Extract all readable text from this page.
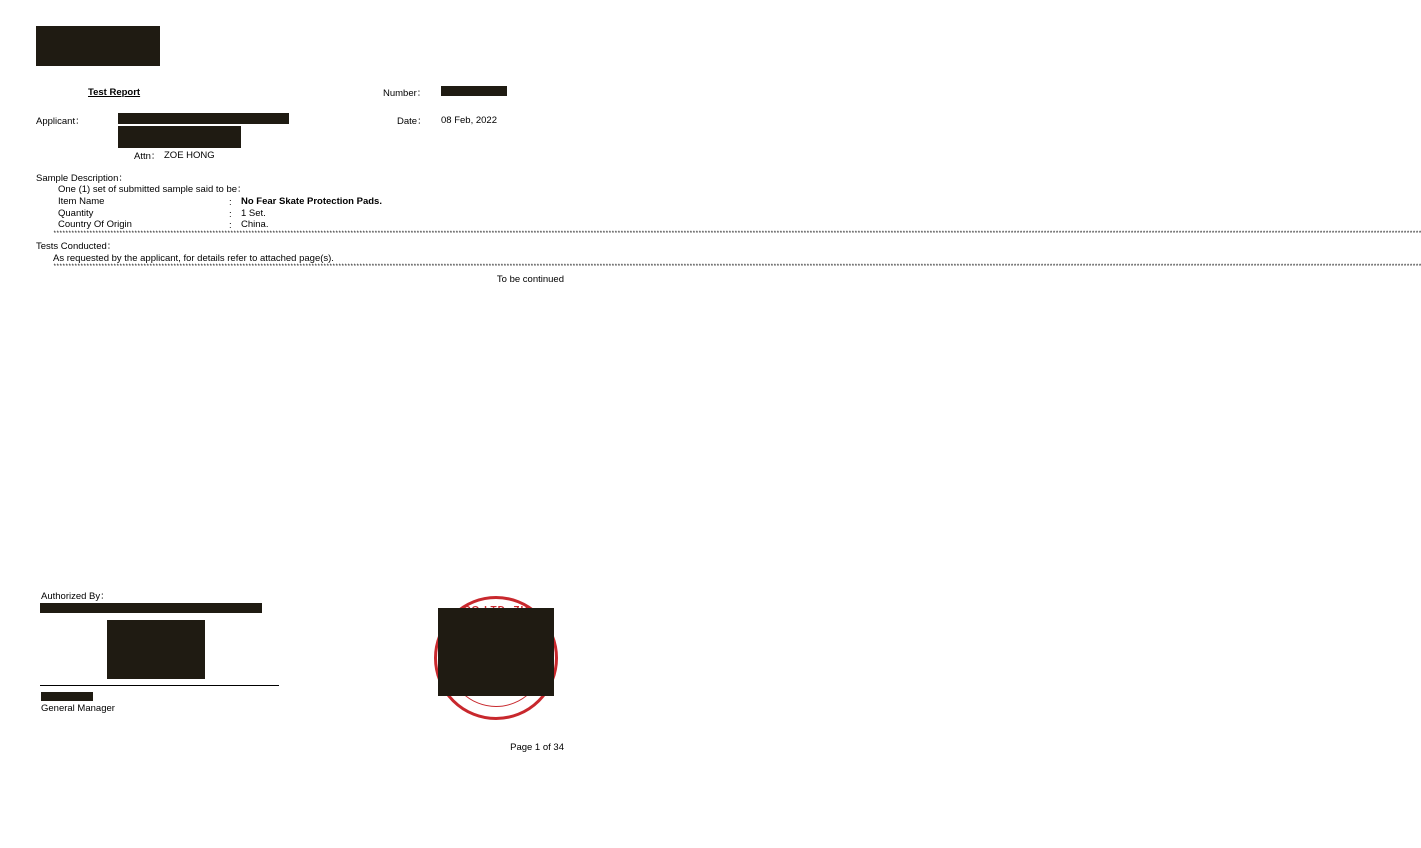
Test Report	Number：
Applicant：	Date： 08 Feb, 2022
Attn： ZOE HONG
Sample Description：
One (1) set of submitted sample said to be：
Item Name	: No Fear Skate Protection Pads.
Quantity	: 1 Set.
Country Of Origin	: China.
************************************************************************************************************************************************************************************************************************************************************************************************************************************************************************************************************************************************************************
Tests Conducted：
As requested by the applicant, for details refer to attached page(s).
************************************************************************************************************************************************************************************************************************************************************************************************************************************************************************************************************************************************************************
To be continued
Authorized By：
General Manager
Page 1 of 34
